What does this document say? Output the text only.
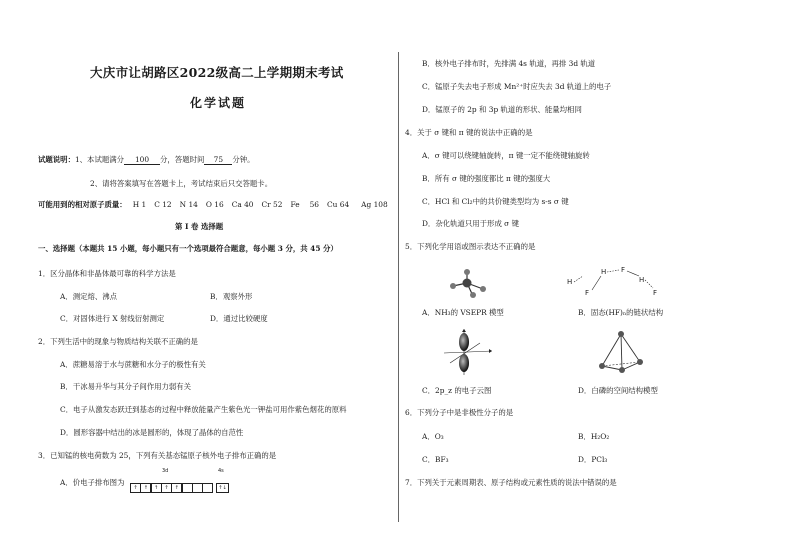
大庆市让胡路区2022级高二上学期期末考试
化学试题
试题说明：1、本试题满分 100 分，答题时间 75 分钟。
2、请将答案填写在答题卡上，考试结束后只交答题卡。
可能用到的相对原子质量： H 1 C 12 N 14 O 16 Ca 40 Cr 52 Fe 56 Cu 64 Ag 108
第 I 卷 选择题
一、选择题（本题共 15 小题，每小题只有一个选项最符合题意，每小题 3 分，共 45 分）
1．区分晶体和非晶体最可靠的科学方法是
A．测定熔、沸点	B．观察外形
C．对固体进行 X 射线衍射测定	D．通过比较硬度
2．下列生活中的现象与物质结构关联不正确的是
A．蔗糖易溶于水与蔗糖和水分子的极性有关
B．干冰易升华与其分子间作用力弱有关
C．电子从激发态跃迁到基态的过程中释放能量产生紫色光一钾盐可用作紫色烟花的原料
D．圆形容器中结出的冰是圆形的，体现了晶体的自范性
3．已知锰的核电荷数为 25，下列有关基态锰原子核外电子排布正确的是
A．价电子排布图为
3d	4s
↑ ↑ ↑ ↑ ↑	↑↓
B．核外电子排布时，先排满 4s 轨道，再排 3d 轨道
C．锰原子失去电子形成 Mn²⁺时应失去 3d 轨道上的电子
D．锰原子的 2p 和 3p 轨道的形状、能量均相同
4．关于 σ 键和 π 键的说法中正确的是
A．σ 键可以绕键轴旋转，π 键一定不能绕键轴旋转
B．所有 σ 键的强度都比 π 键的强度大
C．HCl 和 Cl₂中的共价键类型均为 s-s σ 键
D．杂化轨道只用于形成 σ 键
5．下列化学用语或图示表达不正确的是
H
F
H F
H
F
A．NH₃的 VSEPR 模型	B．固态(HF)ₙ的链状结构
C．2p_z 的电子云图	D．白磷的空间结构模型
6．下列分子中是非极性分子的是
A．O₃	B．H₂O₂
C．BF₃	D．PCl₃
7．下列关于元素周期表、原子结构或元素性质的说法中错误的是
